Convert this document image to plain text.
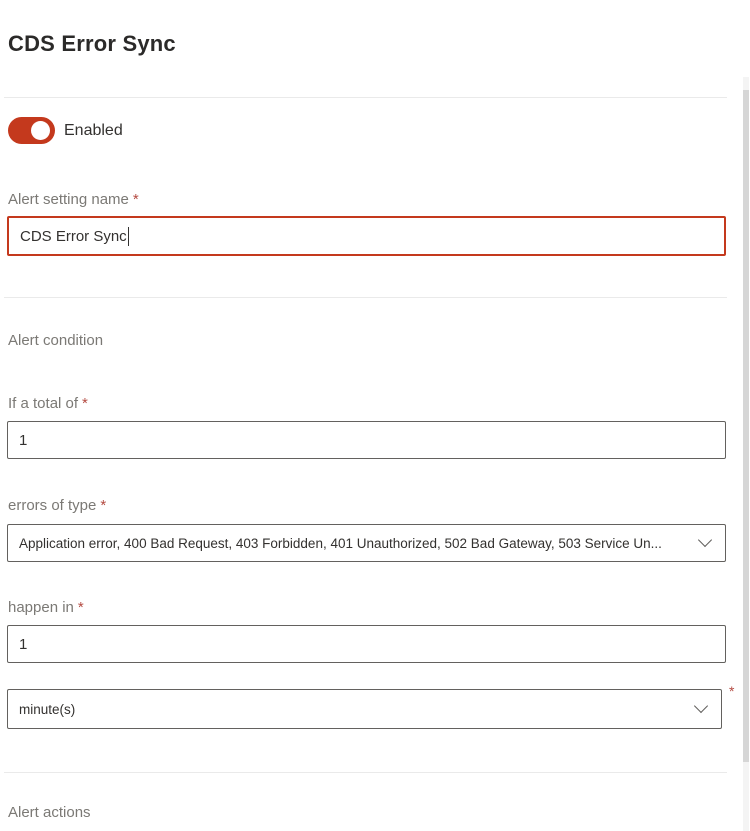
CDS Error Sync
Enabled
Alert setting name *
CDS Error Sync
Alert condition
If a total of *
1
errors of type *
Application error, 400 Bad Request, 403 Forbidden, 401 Unauthorized, 502 Bad Gateway, 503 Service Un...
happen in *
1
minute(s)
*
Alert actions
